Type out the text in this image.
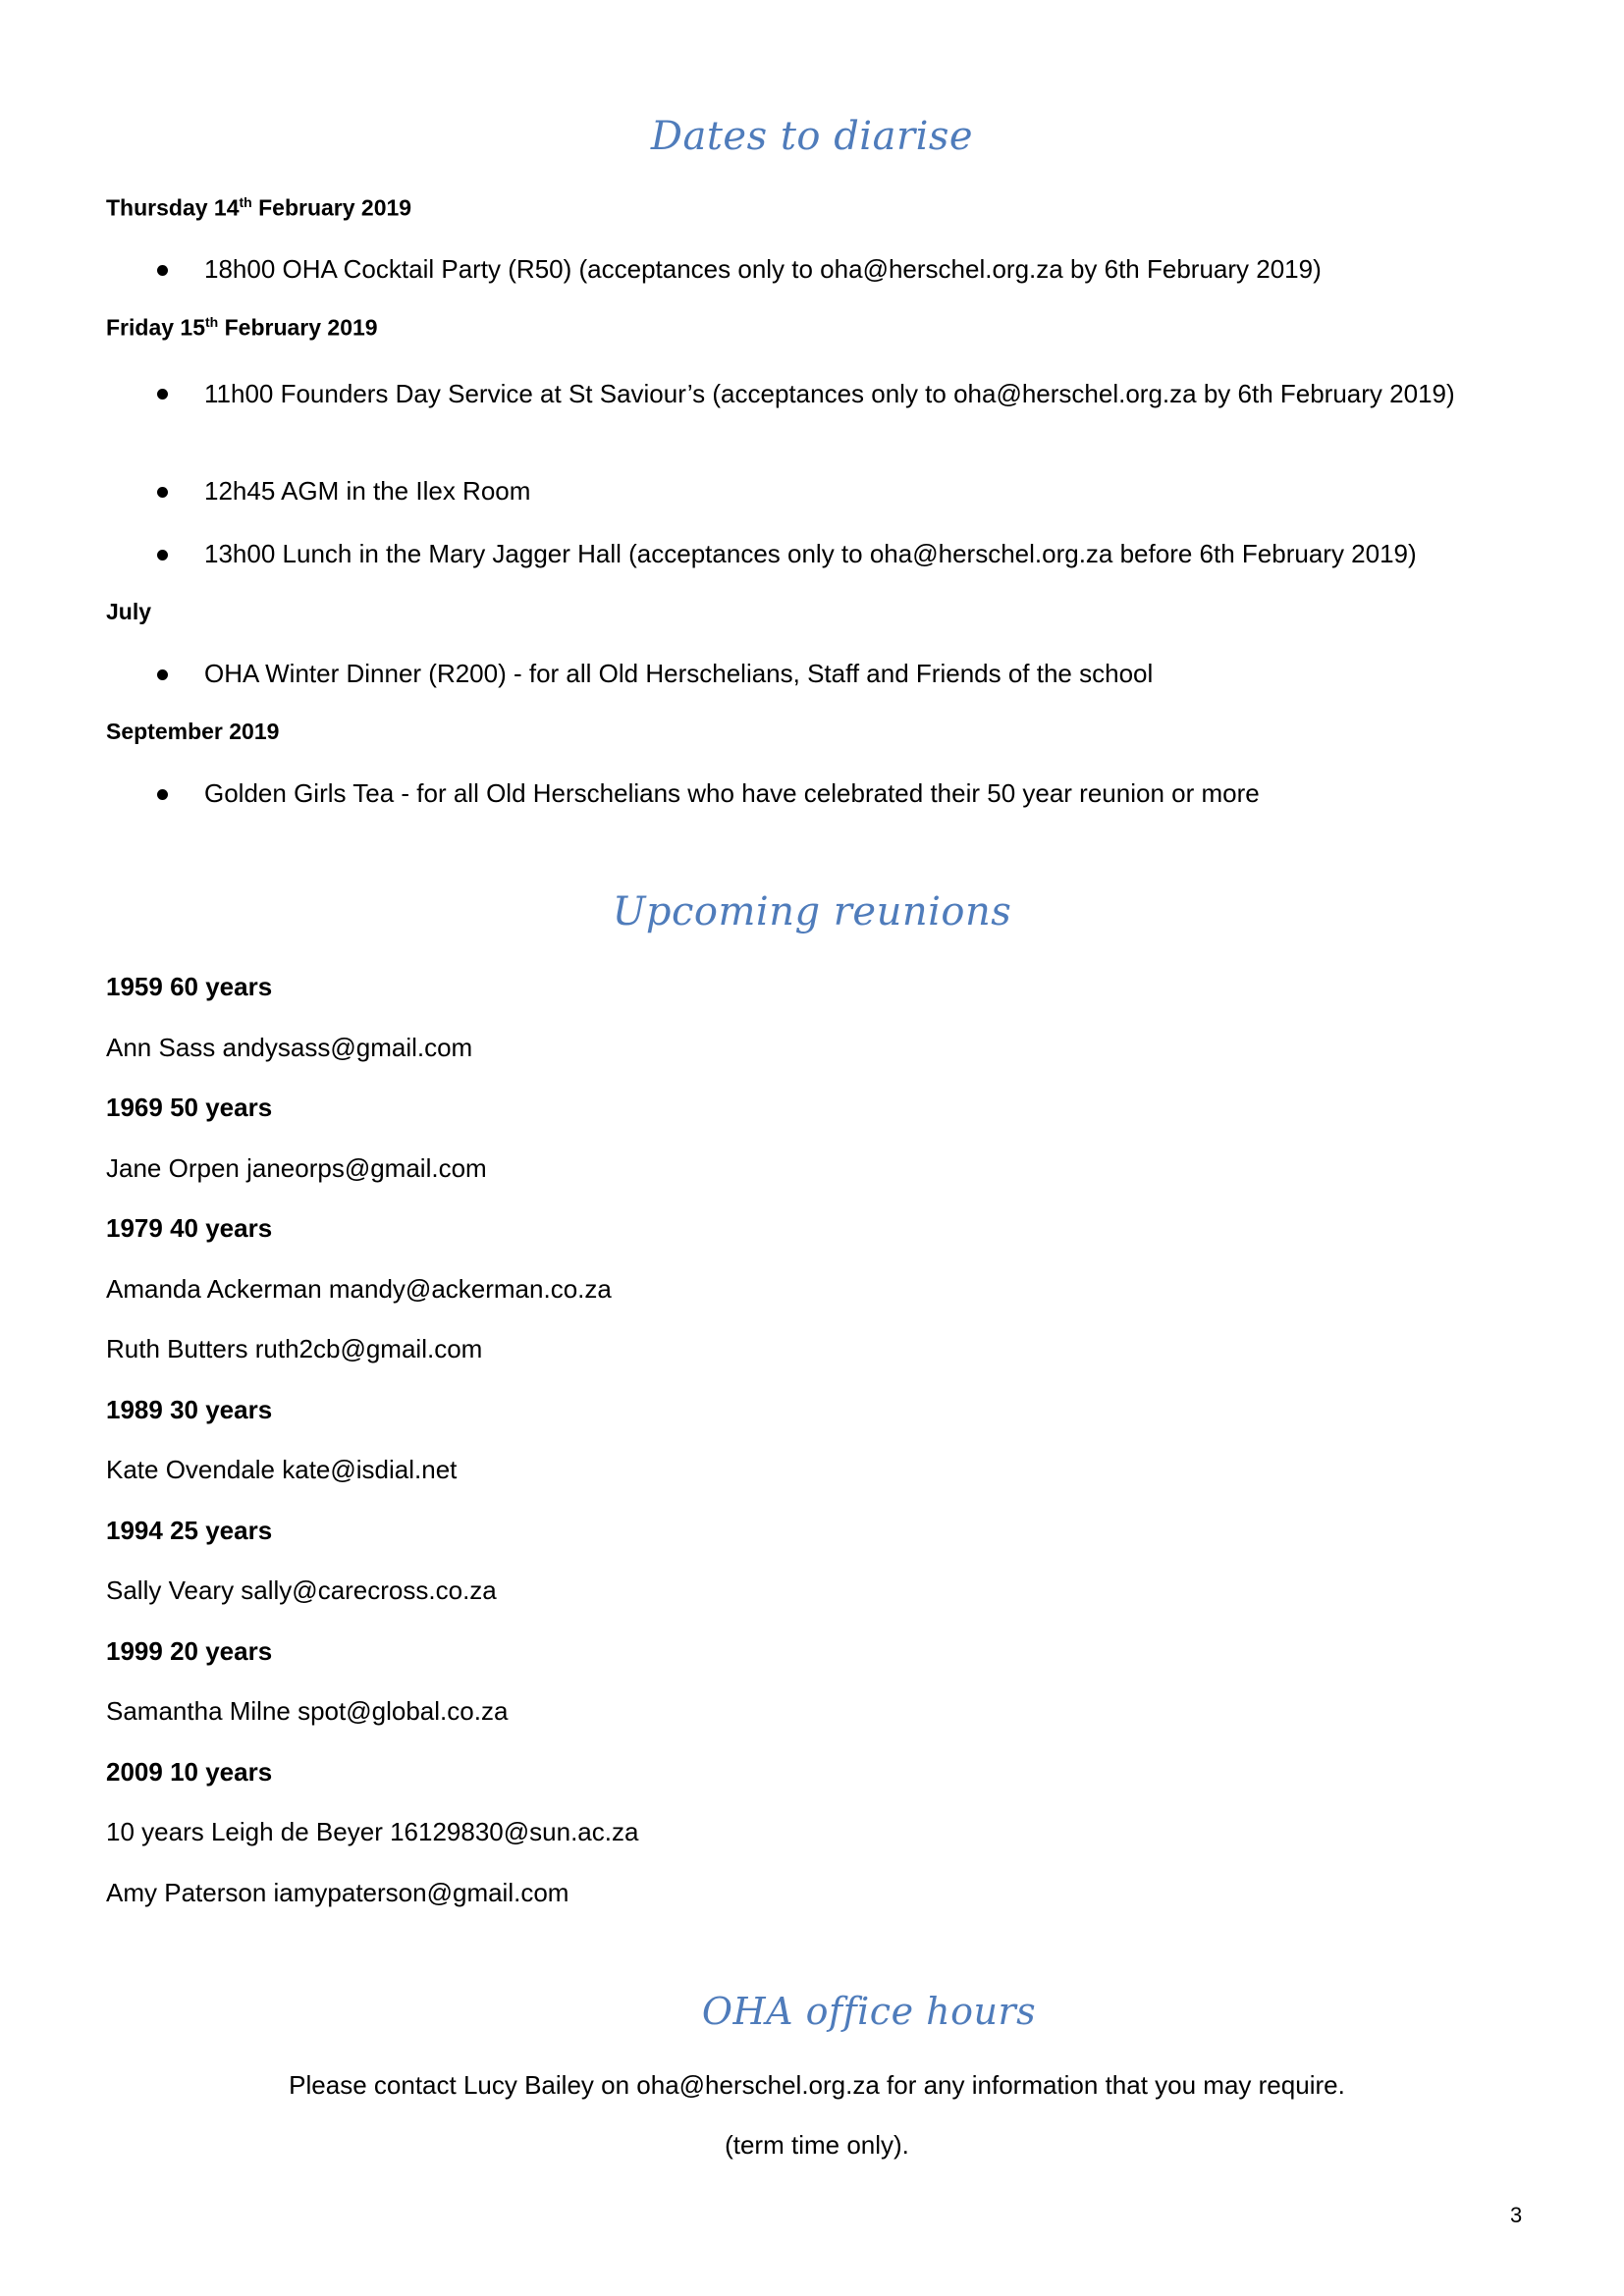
Dates to diarise
Thursday 14th February 2019
18h00 OHA Cocktail Party (R50) (acceptances only to oha@herschel.org.za by 6th February 2019)
Friday 15th February 2019
11h00 Founders Day Service at St Saviour’s (acceptances only to oha@herschel.org.za by 6th February 2019)
12h45 AGM in the Ilex Room
13h00 Lunch in the Mary Jagger Hall (acceptances only to oha@herschel.org.za before 6th February 2019)
July
OHA Winter Dinner (R200) - for all Old Herschelians, Staff and Friends of the school
September 2019
Golden Girls Tea - for all Old Herschelians who have celebrated their 50 year reunion or more
Upcoming reunions
1959 60 years
Ann Sass andysass@gmail.com
1969 50 years
Jane Orpen janeorps@gmail.com
1979 40 years
Amanda Ackerman mandy@ackerman.co.za
Ruth Butters ruth2cb@gmail.com
1989 30 years
Kate Ovendale kate@isdial.net
1994 25 years
Sally Veary sally@carecross.co.za
1999 20 years
Samantha Milne spot@global.co.za
2009 10 years
10 years Leigh de Beyer 16129830@sun.ac.za
Amy Paterson iamypaterson@gmail.com
OHA office hours
Please contact Lucy Bailey on oha@herschel.org.za for any information that you may require.
(term time only).
3
